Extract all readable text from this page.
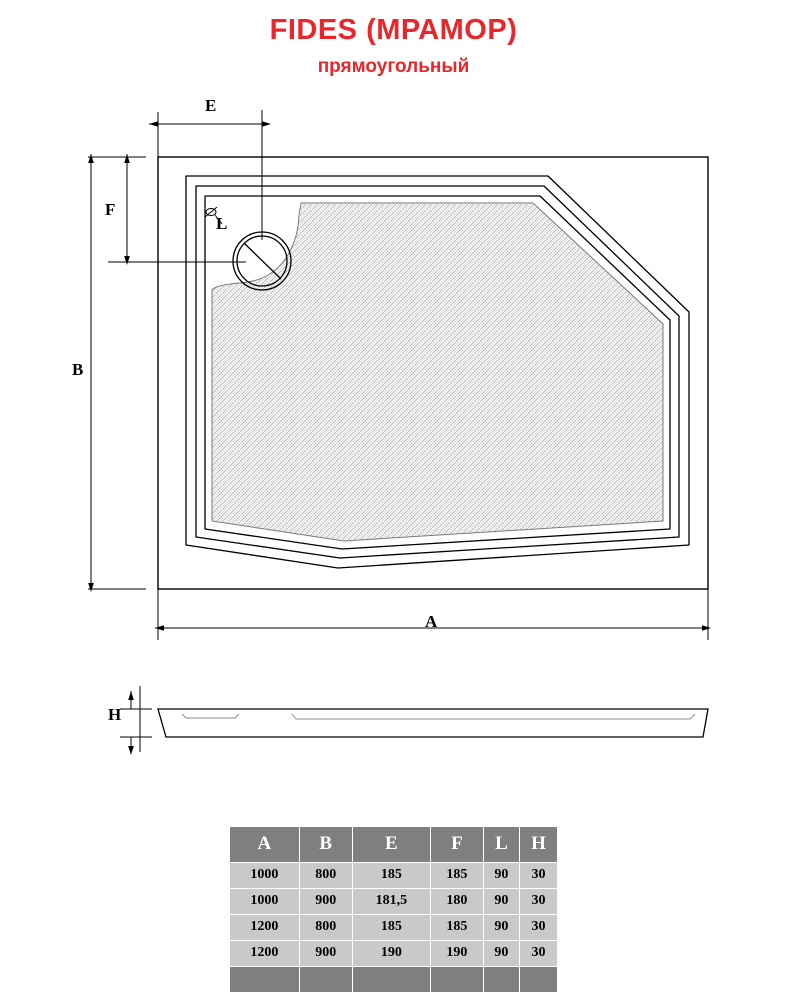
FIDES (МРАМОР)
прямоугольный
E
F
B
A
H
L
A	B	E	F	L	H
1000	800	185	185	90	30
1000	900	181,5	180	90	30
1200	800	185	185	90	30
1200	900	190	190	90	30
